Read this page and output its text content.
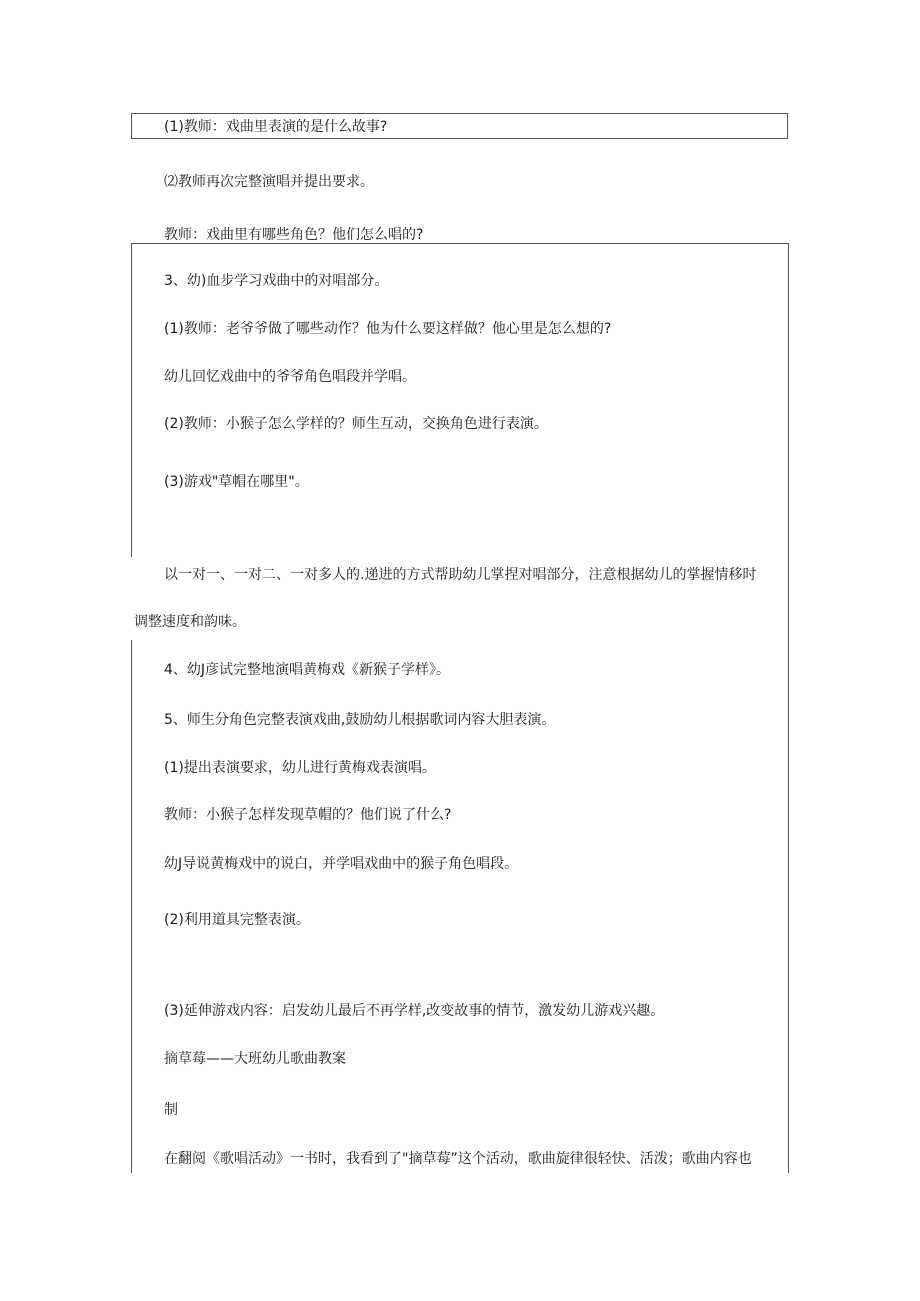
(1)教师：戏曲里表演的是什么故事?
⑵教师再次完整演唱并提出要求。
教师：戏曲里有哪些角色？他们怎么唱的?
3、幼)血步学习戏曲中的对唱部分。
(1)教师：老爷爷做了哪些动作？他为什么要这样做？他心里是怎么想的?
幼儿回忆戏曲中的爷爷角色唱段并学唱。
(2)教师：小猴子怎么学样的？师生互动，交换角色进行表演。
(3)游戏"草帽在哪里"。
以一对一、一对二、一对多人的.递进的方式帮助幼儿掌捏对唱部分，注意根据幼儿的掌握情移时
调整速度和韵味。
4、幼J彦试完整地演唱黄梅戏《新猴子学样》。
5、师生分角色完整表演戏曲,鼓励幼儿根据歌词内容大胆表演。
(1)提出表演要求，幼儿进行黄梅戏表演唱。
教师：小猴子怎样发现草帽的？他们说了什么?
幼J导说黄梅戏中的说白，并学唱戏曲中的猴子角色唱段。
(2)利用道具完整表演。
(3)延伸游戏内容：启发幼儿最后不再学样,改变故事的情节，激发幼儿游戏兴趣。
摘草莓——大班幼儿歌曲教案
制
在翻阅《歌唱活动》一书时，我看到了"摘草莓”这个活动，歌曲旋律很轻快、活泼；歌曲内容也
